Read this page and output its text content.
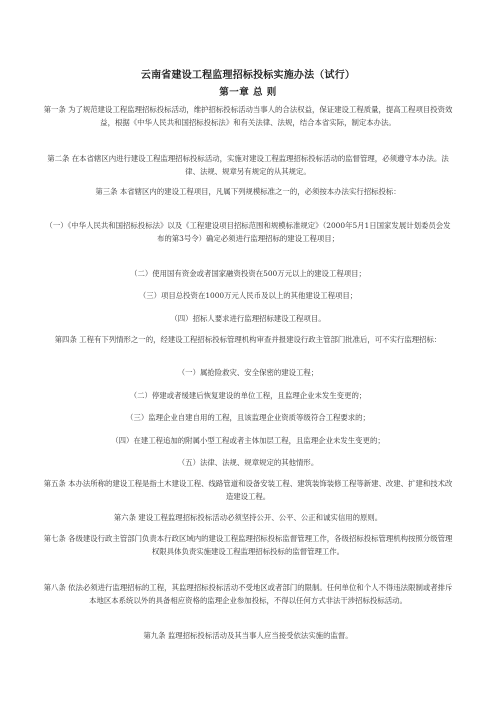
云南省建设工程监理招标投标实施办法（试行）
第一章 总 则
第一条 为了规范建设工程监理招标投标活动，维护招标投标活动当事人的合法权益，保证建设工程质量，提高工程项目投资效益，根据《中华人民共和国招标投标法》和有关法律、法规，结合本省实际，制定本办法。
第二条 在本省辖区内进行建设工程监理招标投标活动，实施对建设工程监理招标投标活动的监督管理，必须遵守本办法。法律、法规、规章另有规定的从其规定。
第三条 本省辖区内的建设工程项目，凡属下列规模标准之一的，必须按本办法实行招标投标：
（一）《中华人民共和国招标投标法》以及《工程建设项目招标范围和规模标准规定》（2000年5月1日国家发展计划委员会发布的第3号令）确定必须进行监理招标的建设工程项目；
（二）使用国有资金或者国家融资投资在500万元以上的建设工程项目；
（三）项目总投资在1000万元人民币及以上的其他建设工程项目；
（四）招标人要求进行监理招标建设工程项目。
第四条 工程有下列情形之一的，经建设工程招标投标管理机构审查并报建设行政主管部门批准后，可不实行监理招标：
（一）属抢险救灾、安全保密的建设工程；
（二）停建或者缓建后恢复建设的单位工程，且监理企业未发生变更的；
（三）监理企业自建自用的工程，且该监理企业资质等级符合工程要求的；
（四）在建工程追加的附属小型工程或者主体加层工程，且监理企业未发生变更的；
（五）法律、法规、规章规定的其他情形。
第五条 本办法所称的建设工程是指土木建设工程、线路管道和设备安装工程、建筑装饰装修工程等新建、改建、扩建和技术改造建设工程。
第六条 建设工程监理招标投标活动必须坚持公开、公平、公正和诚实信用的原则。
第七条 各级建设行政主管部门负责本行政区域内的建设工程监理招标投标监督管理工作，各级招标投标管理机构按照分级管理权限具体负责实施建设工程监理招标投标的监督管理工作。
第八条 依法必须进行监理招标的工程，其监理招标投标活动不受地区或者部门的限制。任何单位和个人不得违法限制或者排斥本地区本系统以外的具备相应资格的监理企业参加投标，不得以任何方式非法干涉招标投标活动。
第九条 监理招标投标活动及其当事人应当接受依法实施的监督。
